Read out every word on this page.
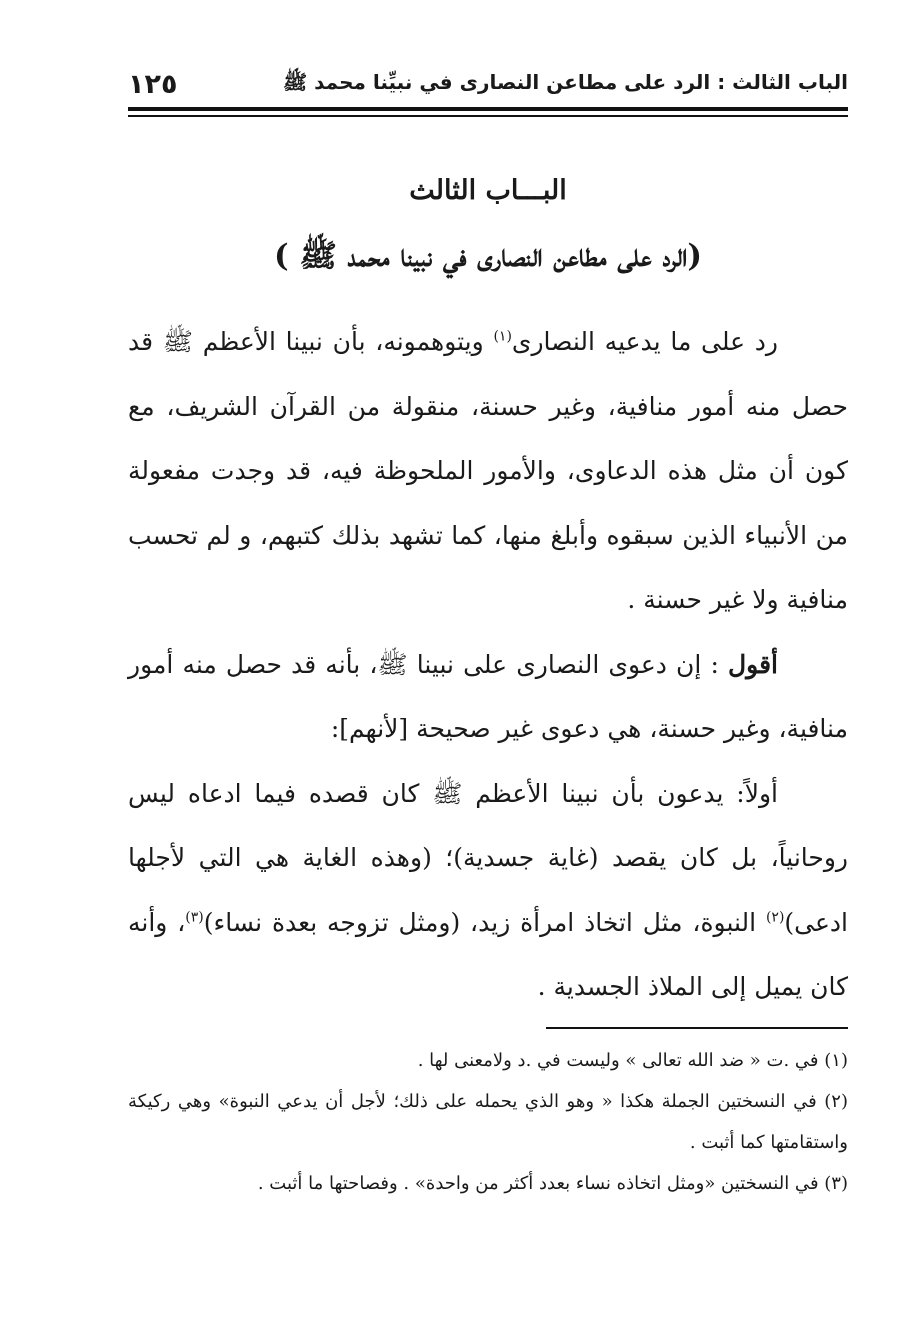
الباب الثالث : الرد على مطاعن النصارى في نبيِّنا محمد ﷺ
١٢٥
البـــاب الثالث
(الرد على مطاعن النصارى في نبينا محمد ﷺ )

رد على ما يدعيه النصارى$^{(١)}$ ويتوهمونه، بأن نبينا الأعظم ﷺ قد حصل منه أمور منافية، وغير حسنة، منقولة من القرآن الشريف، مع كون أن مثل هذه الدعاوى، والأمور الملحوظة فيه، قد وجدت مفعولة من الأنبياء الذين سبقوه وأبلغ منها، كما تشهد بذلك كتبهم، و لم تحسب منافية ولا غير حسنة .

أقول : إن دعوى النصارى على نبينا ﷺ، بأنه قد حصل منه أمور منافية، وغير حسنة، هي دعوى غير صحيحة [لأنهم]:

أولاً: يدعون بأن نبينا الأعظم ﷺ كان قصده فيما ادعاه ليس روحانياً، بل كان يقصد (غاية جسدية)؛ (وهذه الغاية هي التي لأجلها ادعى)$^{(٢)}$ النبوة، مثل اتخاذ امرأة زيد، (ومثل تزوجه بعدة نساء)$^{(٣)}$، وأنه كان يميل إلى الملاذ الجسدية .

(١) في .ت « ضد الله تعالى » وليست في .د ولامعنى لها .

(٢) في النسختين الجملة هكذا « وهو الذي يحمله على ذلك؛ لأجل أن يدعي النبوة» وهي ركيكة واستقامتها كما أثبت .

(٣) في النسختين «ومثل اتخاذه نساء بعدد أكثر من واحدة» . وفصاحتها ما أثبت .
